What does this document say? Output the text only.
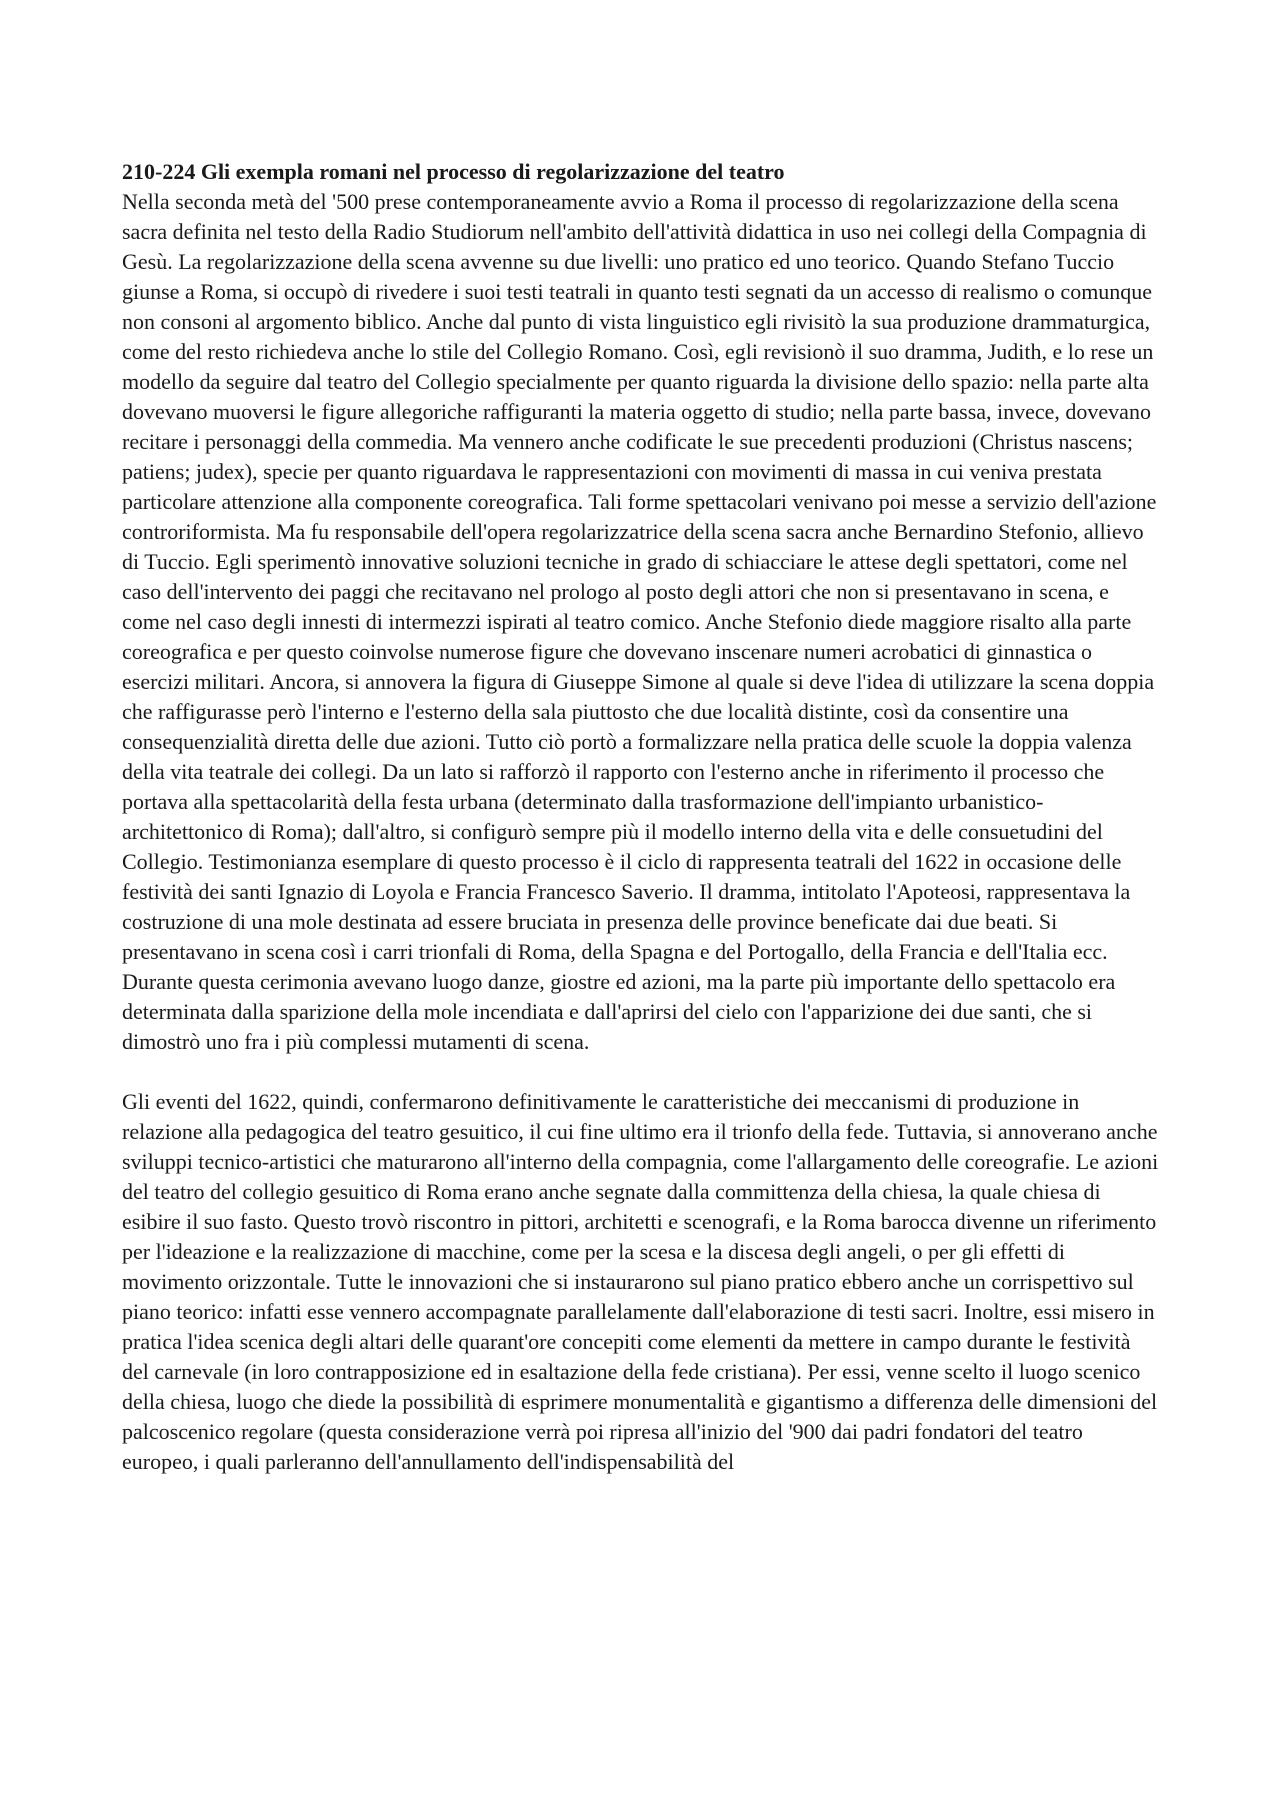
210-224 Gli exempla romani nel processo di regolarizzazione del teatro

Nella seconda metà del '500 prese contemporaneamente avvio a Roma il processo di regolarizzazione della scena sacra definita nel testo della Radio Studiorum nell'ambito dell'attività didattica in uso nei collegi della Compagnia di Gesù. La regolarizzazione della scena avvenne su due livelli: uno pratico ed uno teorico. Quando Stefano Tuccio giunse a Roma, si occupò di rivedere i suoi testi teatrali in quanto testi segnati da un accesso di realismo o comunque non consoni al argomento biblico. Anche dal punto di vista linguistico egli rivisitò la sua produzione drammaturgica, come del resto richiedeva anche lo stile del Collegio Romano. Così, egli revisionò il suo dramma, Judith, e lo rese un modello da seguire dal teatro del Collegio specialmente per quanto riguarda la divisione dello spazio: nella parte alta dovevano muoversi le figure allegoriche raffiguranti la materia oggetto di studio; nella parte bassa, invece, dovevano recitare i personaggi della commedia. Ma vennero anche codificate le sue precedenti produzioni (Christus nascens; patiens; judex), specie per quanto riguardava le rappresentazioni con movimenti di massa in cui veniva prestata particolare attenzione alla componente coreografica. Tali forme spettacolari venivano poi messe a servizio dell'azione controriformista. Ma fu responsabile dell'opera regolarizzatrice della scena sacra anche Bernardino Stefonio, allievo di Tuccio. Egli sperimentò innovative soluzioni tecniche in grado di schiacciare le attese degli spettatori, come nel caso dell'intervento dei paggi che recitavano nel prologo al posto degli attori che non si presentavano in scena, e come nel caso degli innesti di intermezzi ispirati al teatro comico. Anche Stefonio diede maggiore risalto alla parte coreografica e per questo coinvolse numerose figure che dovevano inscenare numeri acrobatici di ginnastica o esercizi militari. Ancora, si annovera la figura di Giuseppe Simone al quale si deve l'idea di utilizzare la scena doppia che raffigurasse però l'interno e l'esterno della sala piuttosto che due località distinte, così da consentire una consequenzialità diretta delle due azioni. Tutto ciò portò a formalizzare nella pratica delle scuole la doppia valenza della vita teatrale dei collegi. Da un lato si rafforzò il rapporto con l'esterno anche in riferimento il processo che portava alla spettacolarità della festa urbana (determinato dalla trasformazione dell'impianto urbanistico- architettonico di Roma); dall'altro, si configurò sempre più il modello interno della vita e delle consuetudini del Collegio. Testimonianza esemplare di questo processo è il ciclo di rappresenta teatrali del 1622 in occasione delle festività dei santi Ignazio di Loyola e Francia Francesco Saverio. Il dramma, intitolato l'Apoteosi, rappresentava la costruzione di una mole destinata ad essere bruciata in presenza delle province beneficate dai due beati. Si presentavano in scena così i carri trionfali di Roma, della Spagna e del Portogallo, della Francia e dell'Italia ecc. Durante questa cerimonia avevano luogo danze, giostre ed azioni, ma la parte più importante dello spettacolo era determinata dalla sparizione della mole incendiata e dall'aprirsi del cielo con l'apparizione dei due santi, che si dimostrò uno fra i più complessi mutamenti di scena.

Gli eventi del 1622, quindi, confermarono definitivamente le caratteristiche dei meccanismi di produzione in relazione alla pedagogica del teatro gesuitico, il cui fine ultimo era il trionfo della fede. Tuttavia, si annoverano anche sviluppi tecnico-artistici che maturarono all'interno della compagnia, come l'allargamento delle coreografie. Le azioni del teatro del collegio gesuitico di Roma erano anche segnate dalla committenza della chiesa, la quale chiesa di esibire il suo fasto. Questo trovò riscontro in pittori, architetti e scenografi, e la Roma barocca divenne un riferimento per l'ideazione e la realizzazione di macchine, come per la scesa e la discesa degli angeli, o per gli effetti di movimento orizzontale. Tutte le innovazioni che si instaurarono sul piano pratico ebbero anche un corrispettivo sul piano teorico: infatti esse vennero accompagnate parallelamente dall'elaborazione di testi sacri. Inoltre, essi misero in pratica l'idea scenica degli altari delle quarant'ore concepiti come elementi da mettere in campo durante le festività del carnevale (in loro contrapposizione ed in esaltazione della fede cristiana). Per essi, venne scelto il luogo scenico della chiesa, luogo che diede la possibilità di esprimere monumentalità e gigantismo a differenza delle dimensioni del palcoscenico regolare (questa considerazione verrà poi ripresa all'inizio del '900 dai padri fondatori del teatro europeo, i quali parleranno dell'annullamento dell'indispensabilità del
